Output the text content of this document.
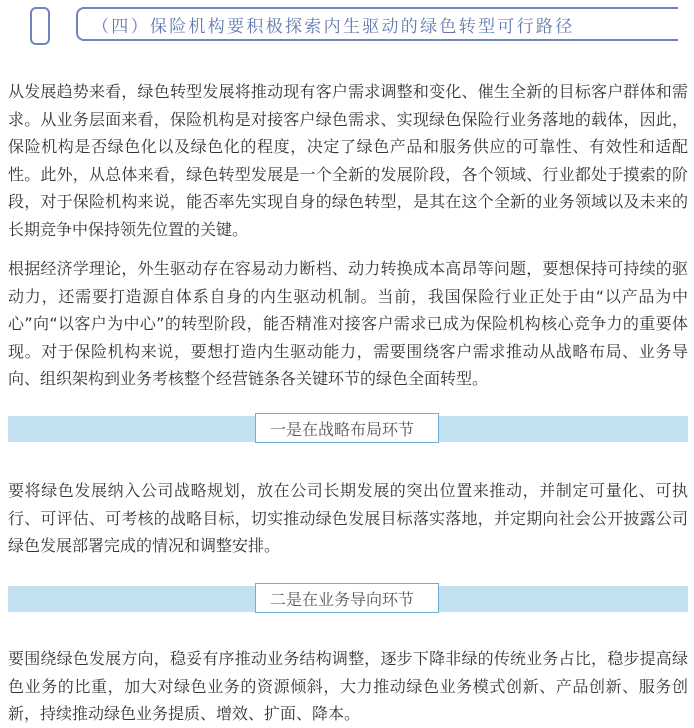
（四）保险机构要积极探索内生驱动的绿色转型可行路径

从发展趋势来看，绿色转型发展将推动现有客户需求调整和变化、催生全新的目标客户群体和需求。从业务层面来看，保险机构是对接客户绿色需求、实现绿色保险行业务落地的载体，因此，保险机构是否绿色化以及绿色化的程度，决定了绿色产品和服务供应的可靠性、有效性和适配性。此外，从总体来看，绿色转型发展是一个全新的发展阶段，各个领域、行业都处于摸索的阶段，对于保险机构来说，能否率先实现自身的绿色转型，是其在这个全新的业务领域以及未来的长期竞争中保持领先位置的关键。

根据经济学理论，外生驱动存在容易动力断档、动力转换成本高昂等问题，要想保持可持续的驱动力，还需要打造源自体系自身的内生驱动机制。当前，我国保险行业正处于由“以产品为中心”向“以客户为中心”的转型阶段，能否精准对接客户需求已成为保险机构核心竞争力的重要体现。对于保险机构来说，要想打造内生驱动能力，需要围绕客户需求推动从战略布局、业务导向、组织架构到业务考核整个经营链条各关键环节的绿色全面转型。

一是在战略布局环节

要将绿色发展纳入公司战略规划，放在公司长期发展的突出位置来推动，并制定可量化、可执行、可评估、可考核的战略目标，切实推动绿色发展目标落实落地，并定期向社会公开披露公司绿色发展部署完成的情况和调整安排。

二是在业务导向环节

要围绕绿色发展方向，稳妥有序推动业务结构调整，逐步下降非绿的传统业务占比，稳步提高绿色业务的比重，加大对绿色业务的资源倾斜，大力推动绿色业务模式创新、产品创新、服务创新，持续推动绿色业务提质、增效、扩面、降本。
